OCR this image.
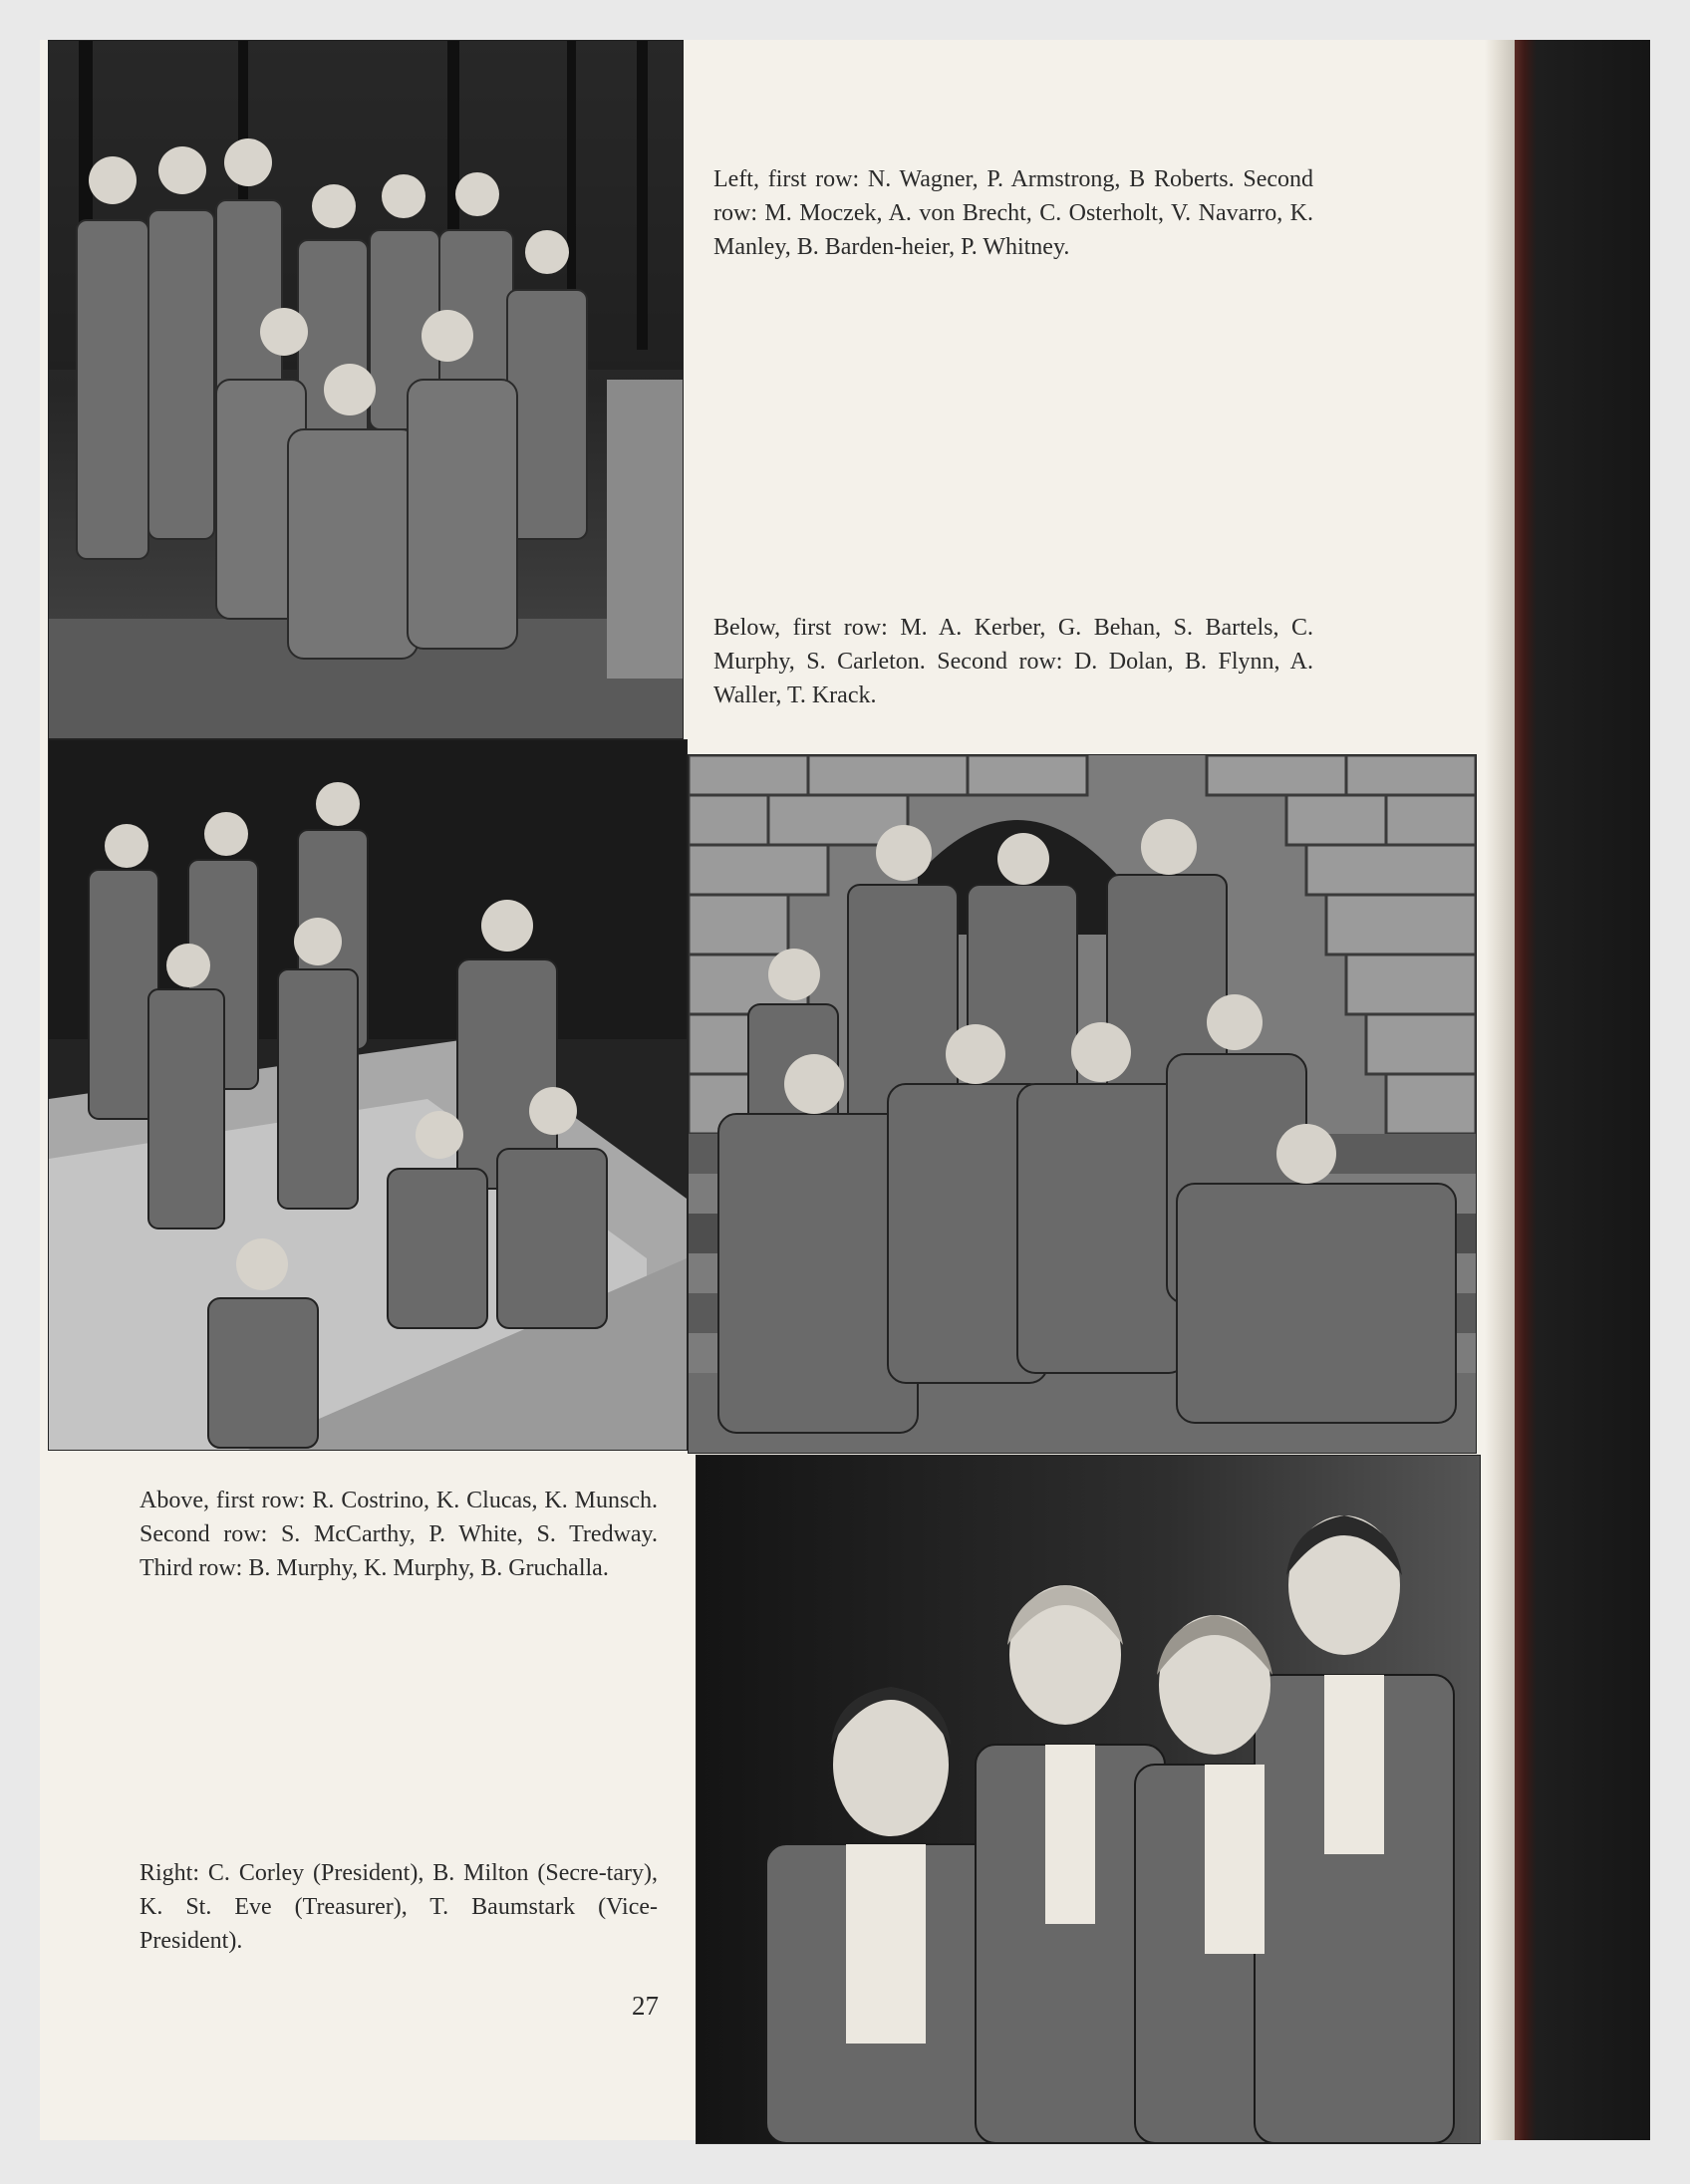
Left, first row: N. Wagner, P. Armstrong, B Roberts. Second row: M. Moczek, A. von Brecht, C. Osterholt, V. Navarro, K. Manley, B. Barden-heier, P. Whitney.
Below, first row: M. A. Kerber, G. Behan, S. Bartels, C. Murphy, S. Carleton. Second row: D. Dolan, B. Flynn, A. Waller, T. Krack.
Above, first row: R. Costrino, K. Clucas, K. Munsch. Second row: S. McCarthy, P. White, S. Tredway. Third row: B. Murphy, K. Murphy, B. Gruchalla.
Right: C. Corley (President), B. Milton (Secre-tary), K. St. Eve (Treasurer), T. Baumstark (Vice-President).
27
